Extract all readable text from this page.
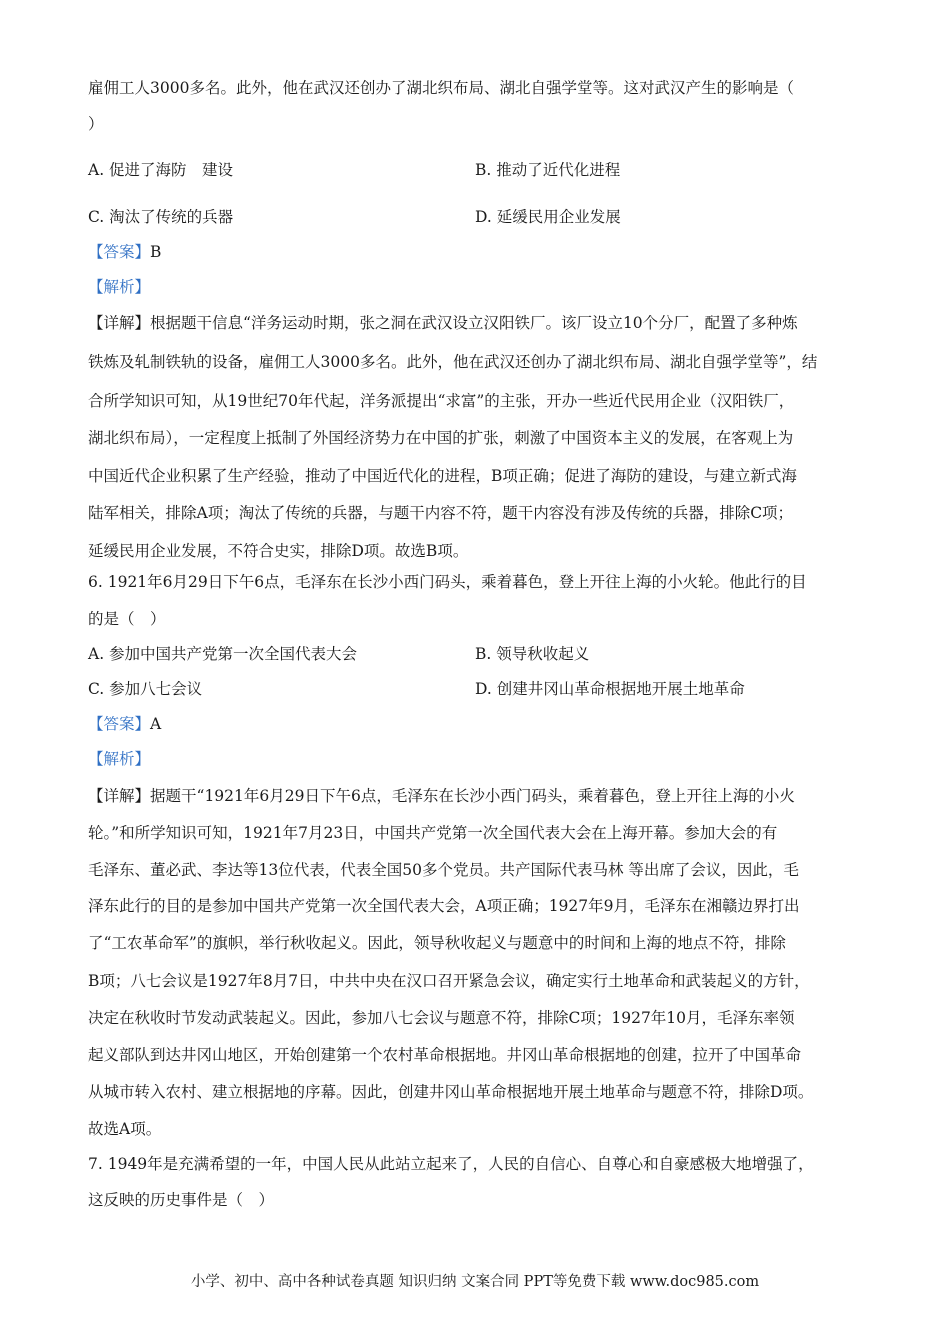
雇佣工人3000多名。此外，他在武汉还创办了湖北织布局、湖北自强学堂等。这对武汉产生的影响是（
）
A. 促进了海防　建设	B. 推动了近代化进程
C. 淘汰了传统的兵器	D. 延缓民用企业发展
【答案】B
【解析】
【详解】根据题干信息“洋务运动时期，张之洞在武汉设立汉阳铁厂。该厂设立10个分厂，配置了多种炼
铁炼及轧制铁轨的设备，雇佣工人3000多名。此外，他在武汉还创办了湖北织布局、湖北自强学堂等”，结
合所学知识可知，从19世纪70年代起，洋务派提出“求富”的主张，开办一些近代民用企业（汉阳铁厂，
湖北织布局），一定程度上抵制了外国经济势力在中国的扩张，刺激了中国资本主义的发展，在客观上为
中国近代企业积累了生产经验，推动了中国近代化的进程，B项正确；促进了海防的建设，与建立新式海
陆军相关，排除A项；淘汰了传统的兵器，与题干内容不符，题干内容没有涉及传统的兵器，排除C项；
延缓民用企业发展，不符合史实，排除D项。故选B项。
6. 1921年6月29日下午6点，毛泽东在长沙小西门码头，乘着暮色，登上开往上海的小火轮。他此行的目
的是（　）
A. 参加中国共产党第一次全国代表大会	B. 领导秋收起义
C. 参加八七会议	D. 创建井冈山革命根据地开展土地革命
【答案】A
【解析】
【详解】据题干“1921年6月29日下午6点，毛泽东在长沙小西门码头，乘着暮色，登上开往上海的小火
轮。”和所学知识可知，1921年7月23日，中国共产党第一次全国代表大会在上海开幕。参加大会的有
毛泽东、董必武、李达等13位代表，代表全国50多个党员。共产国际代表马林 等出席了会议，因此，毛
泽东此行的目的是参加中国共产党第一次全国代表大会，A项正确；1927年9月，毛泽东在湘赣边界打出
了“工农革命军”的旗帜，举行秋收起义。因此，领导秋收起义与题意中的时间和上海的地点不符，排除
B项；八七会议是1927年8月7日，中共中央在汉口召开紧急会议，确定实行土地革命和武装起义的方针，
决定在秋收时节发动武装起义。因此，参加八七会议与题意不符，排除C项；1927年10月，毛泽东率领
起义部队到达井冈山地区，开始创建第一个农村革命根据地。井冈山革命根据地的创建，拉开了中国革命
从城市转入农村、建立根据地的序幕。因此，创建井冈山革命根据地开展土地革命与题意不符，排除D项。
故选A项。
7. 1949年是充满希望的一年，中国人民从此站立起来了，人民的自信心、自尊心和自豪感极大地增强了，
这反映的历史事件是（　）
小学、初中、高中各种试卷真题 知识归纳 文案合同 PPT等免费下载 www.doc985.com
